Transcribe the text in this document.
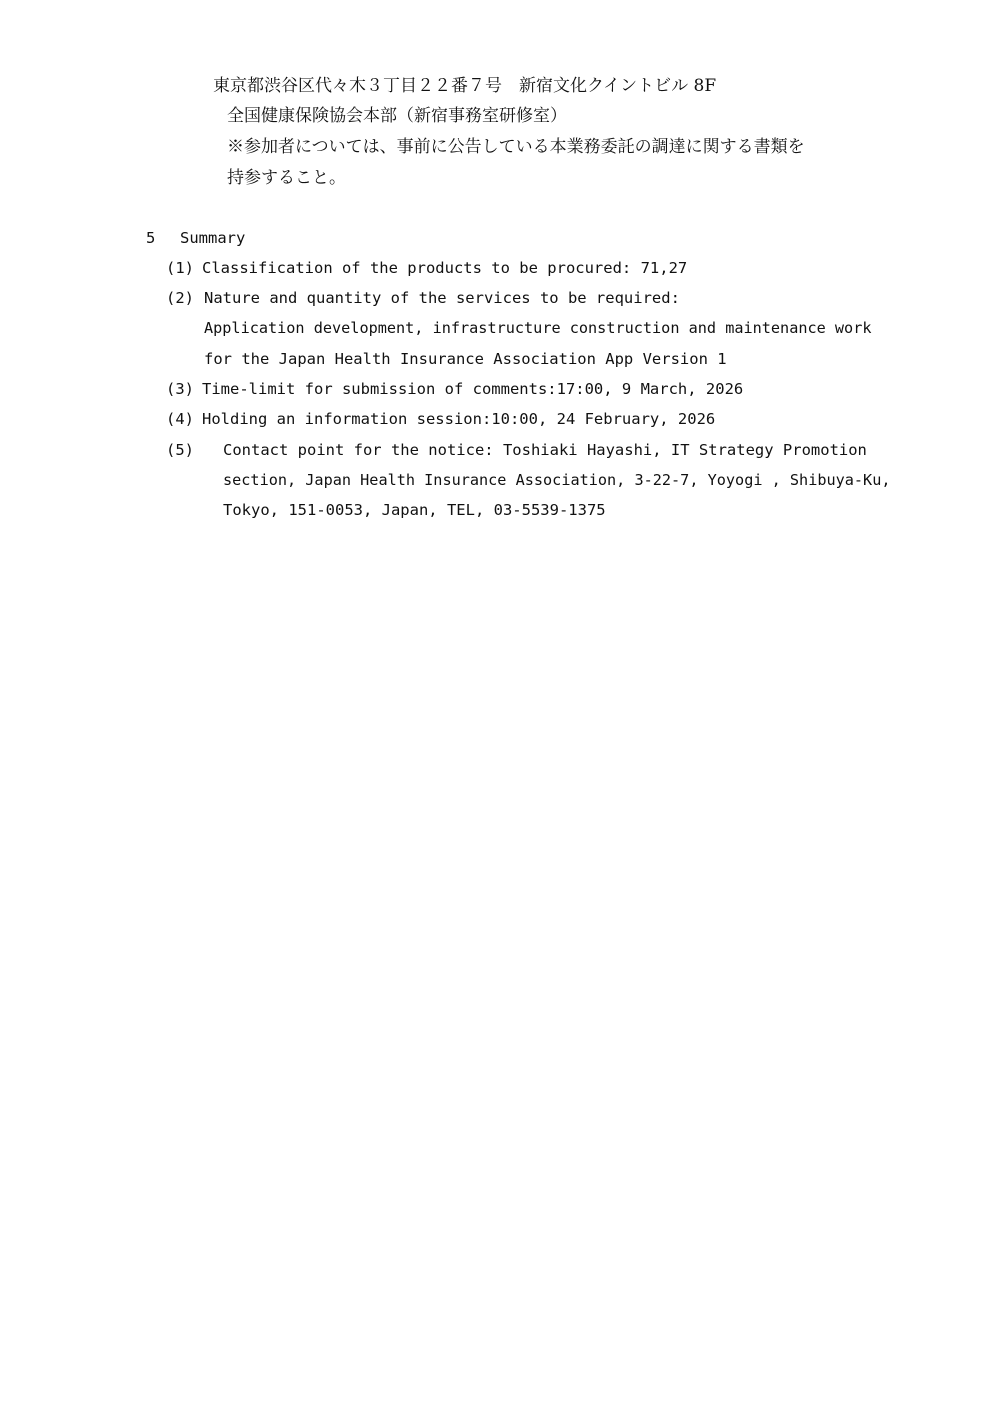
東京都渋谷区代々木３丁目２２番７号　新宿文化クイントビル 8F
全国健康保険協会本部（新宿事務室研修室）
※参加者については、事前に公告している本業務委託の調達に関する書類を
持参すること。
5 Summary
(1) Classification of the products to be procured: 71,27
(2) Nature and quantity of the services to be required:
Application development, infrastructure construction and maintenance work
for the Japan Health Insurance Association App Version 1
(3) Time-limit for submission of comments:17:00, 9 March, 2026
(4) Holding an information session:10:00, 24 February, 2026
(5) Contact point for the notice: Toshiaki Hayashi, IT Strategy Promotion
section, Japan Health Insurance Association, 3-22-7, Yoyogi , Shibuya-Ku,
Tokyo, 151-0053, Japan, TEL, 03-5539-1375
